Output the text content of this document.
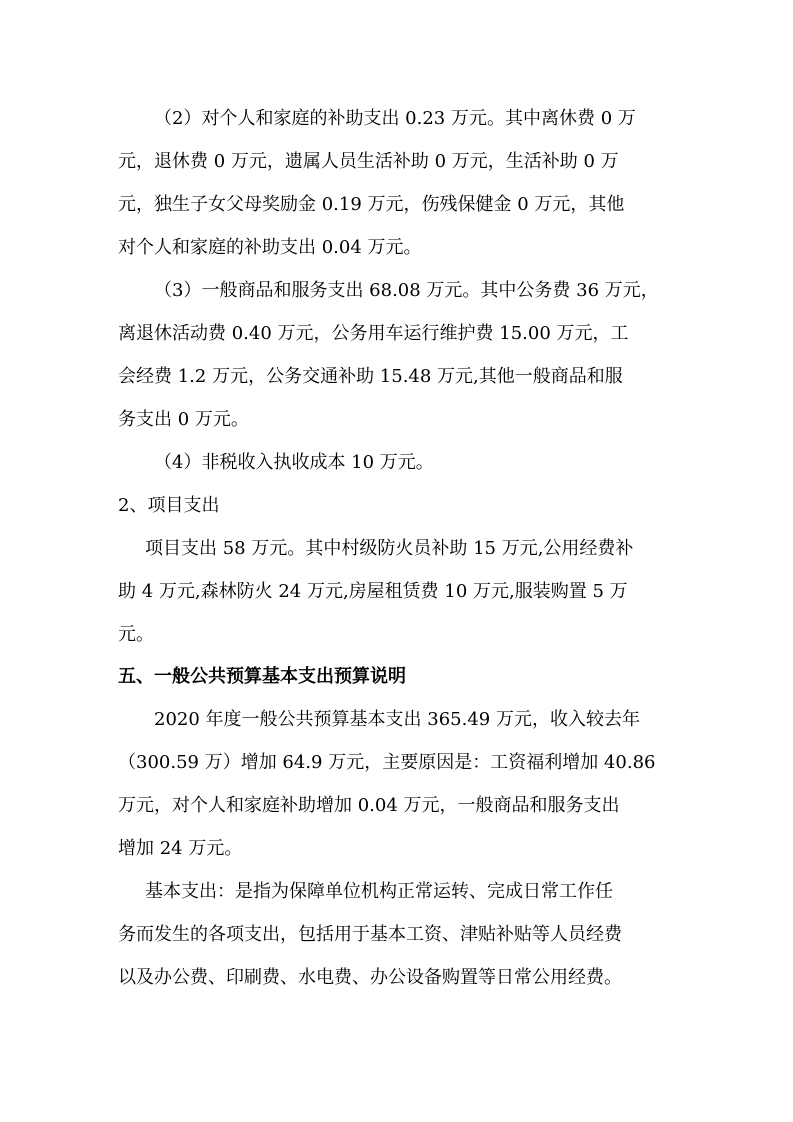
（2）对个人和家庭的补助支出 0.23 万元。其中离休费 0 万
元，退休费 0 万元，遗属人员生活补助 0 万元，生活补助 0 万
元，独生子女父母奖励金 0.19 万元，伤残保健金 0 万元，其他
对个人和家庭的补助支出 0.04 万元。
（3）一般商品和服务支出 68.08 万元。其中公务费 36 万元，
离退休活动费 0.40 万元，公务用车运行维护费 15.00 万元，工
会经费 1.2 万元，公务交通补助 15.48 万元,其他一般商品和服
务支出 0 万元。
（4）非税收入执收成本 10 万元。
2、项目支出
项目支出 58 万元。其中村级防火员补助 15 万元,公用经费补
助 4 万元,森林防火 24 万元,房屋租赁费 10 万元,服装购置 5 万
元。
五、一般公共预算基本支出预算说明
2020 年度一般公共预算基本支出 365.49 万元，收入较去年
（300.59 万）增加 64.9 万元，主要原因是：工资福利增加 40.86
万元，对个人和家庭补助增加 0.04 万元，一般商品和服务支出
增加 24 万元。
基本支出：是指为保障单位机构正常运转、完成日常工作任
务而发生的各项支出，包括用于基本工资、津贴补贴等人员经费
以及办公费、印刷费、水电费、办公设备购置等日常公用经费。
